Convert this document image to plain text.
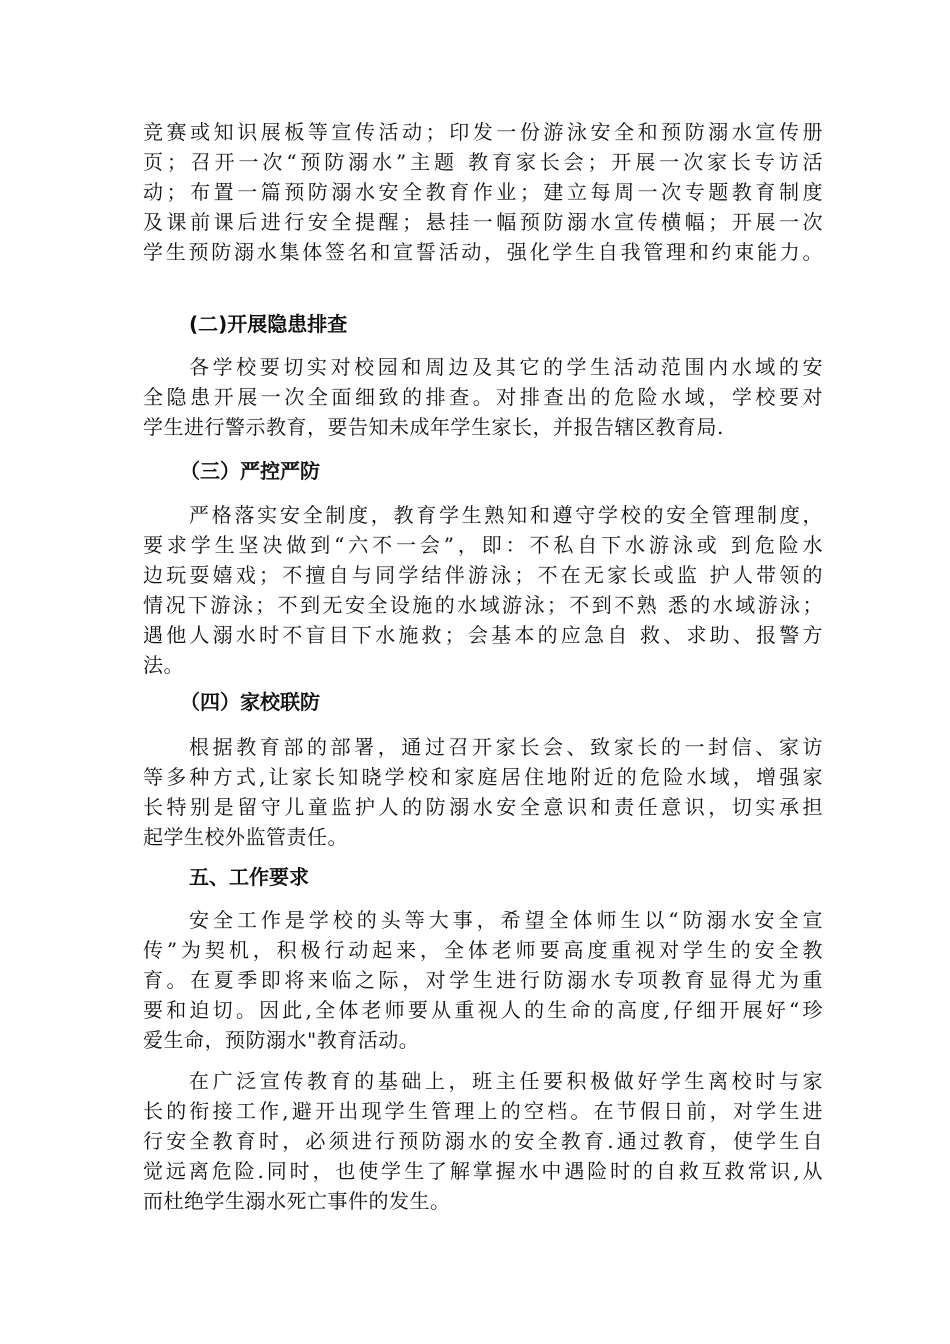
竞赛或知识展板等宣传活动；印发一份游泳安全和预防溺水宣传册
页；召开一次“预防溺水”主题 教育家长会；开展一次家长专访活
动；布置一篇预防溺水安全教育作业；建立每周一次专题教育制度
及课前课后进行安全提醒；悬挂一幅预防溺水宣传横幅；开展一次
学生预防溺水集体签名和宣誓活动，强化学生自我管理和约束能力。

(二)开展隐患排查

各学校要切实对校园和周边及其它的学生活动范围内水域的安
全隐患开展一次全面细致的排查。对排查出的危险水域，学校要对
学生进行警示教育，要告知未成年学生家长，并报告辖区教育局.

（三）严控严防

严格落实安全制度，教育学生熟知和遵守学校的安全管理制度，
要求学生坚决做到“六不一会”，即：不私自下水游泳或 到危险水
边玩耍嬉戏；不擅自与同学结伴游泳；不在无家长或监 护人带领的
情况下游泳；不到无安全设施的水域游泳；不到不熟 悉的水域游泳；
遇他人溺水时不盲目下水施救；会基本的应急自 救、求助、报警方
法。

（四）家校联防

根据教育部的部署，通过召开家长会、致家长的一封信、家访
等多种方式,让家长知晓学校和家庭居住地附近的危险水域，增强家
长特别是留守儿童监护人的防溺水安全意识和责任意识，切实承担
起学生校外监管责任。

五、工作要求

安全工作是学校的头等大事，希望全体师生以“防溺水安全宣
传”为契机，积极行动起来，全体老师要高度重视对学生的安全教
育。在夏季即将来临之际，对学生进行防溺水专项教育显得尤为重
要和迫切。因此,全体老师要从重视人的生命的高度,仔细开展好“珍
爱生命，预防溺水"教育活动。

在广泛宣传教育的基础上，班主任要积极做好学生离校时与家
长的衔接工作,避开出现学生管理上的空档。在节假日前，对学生进
行安全教育时，必须进行预防溺水的安全教育.通过教育，使学生自
觉远离危险.同时，也使学生了解掌握水中遇险时的自救互救常识,从
而杜绝学生溺水死亡事件的发生。
